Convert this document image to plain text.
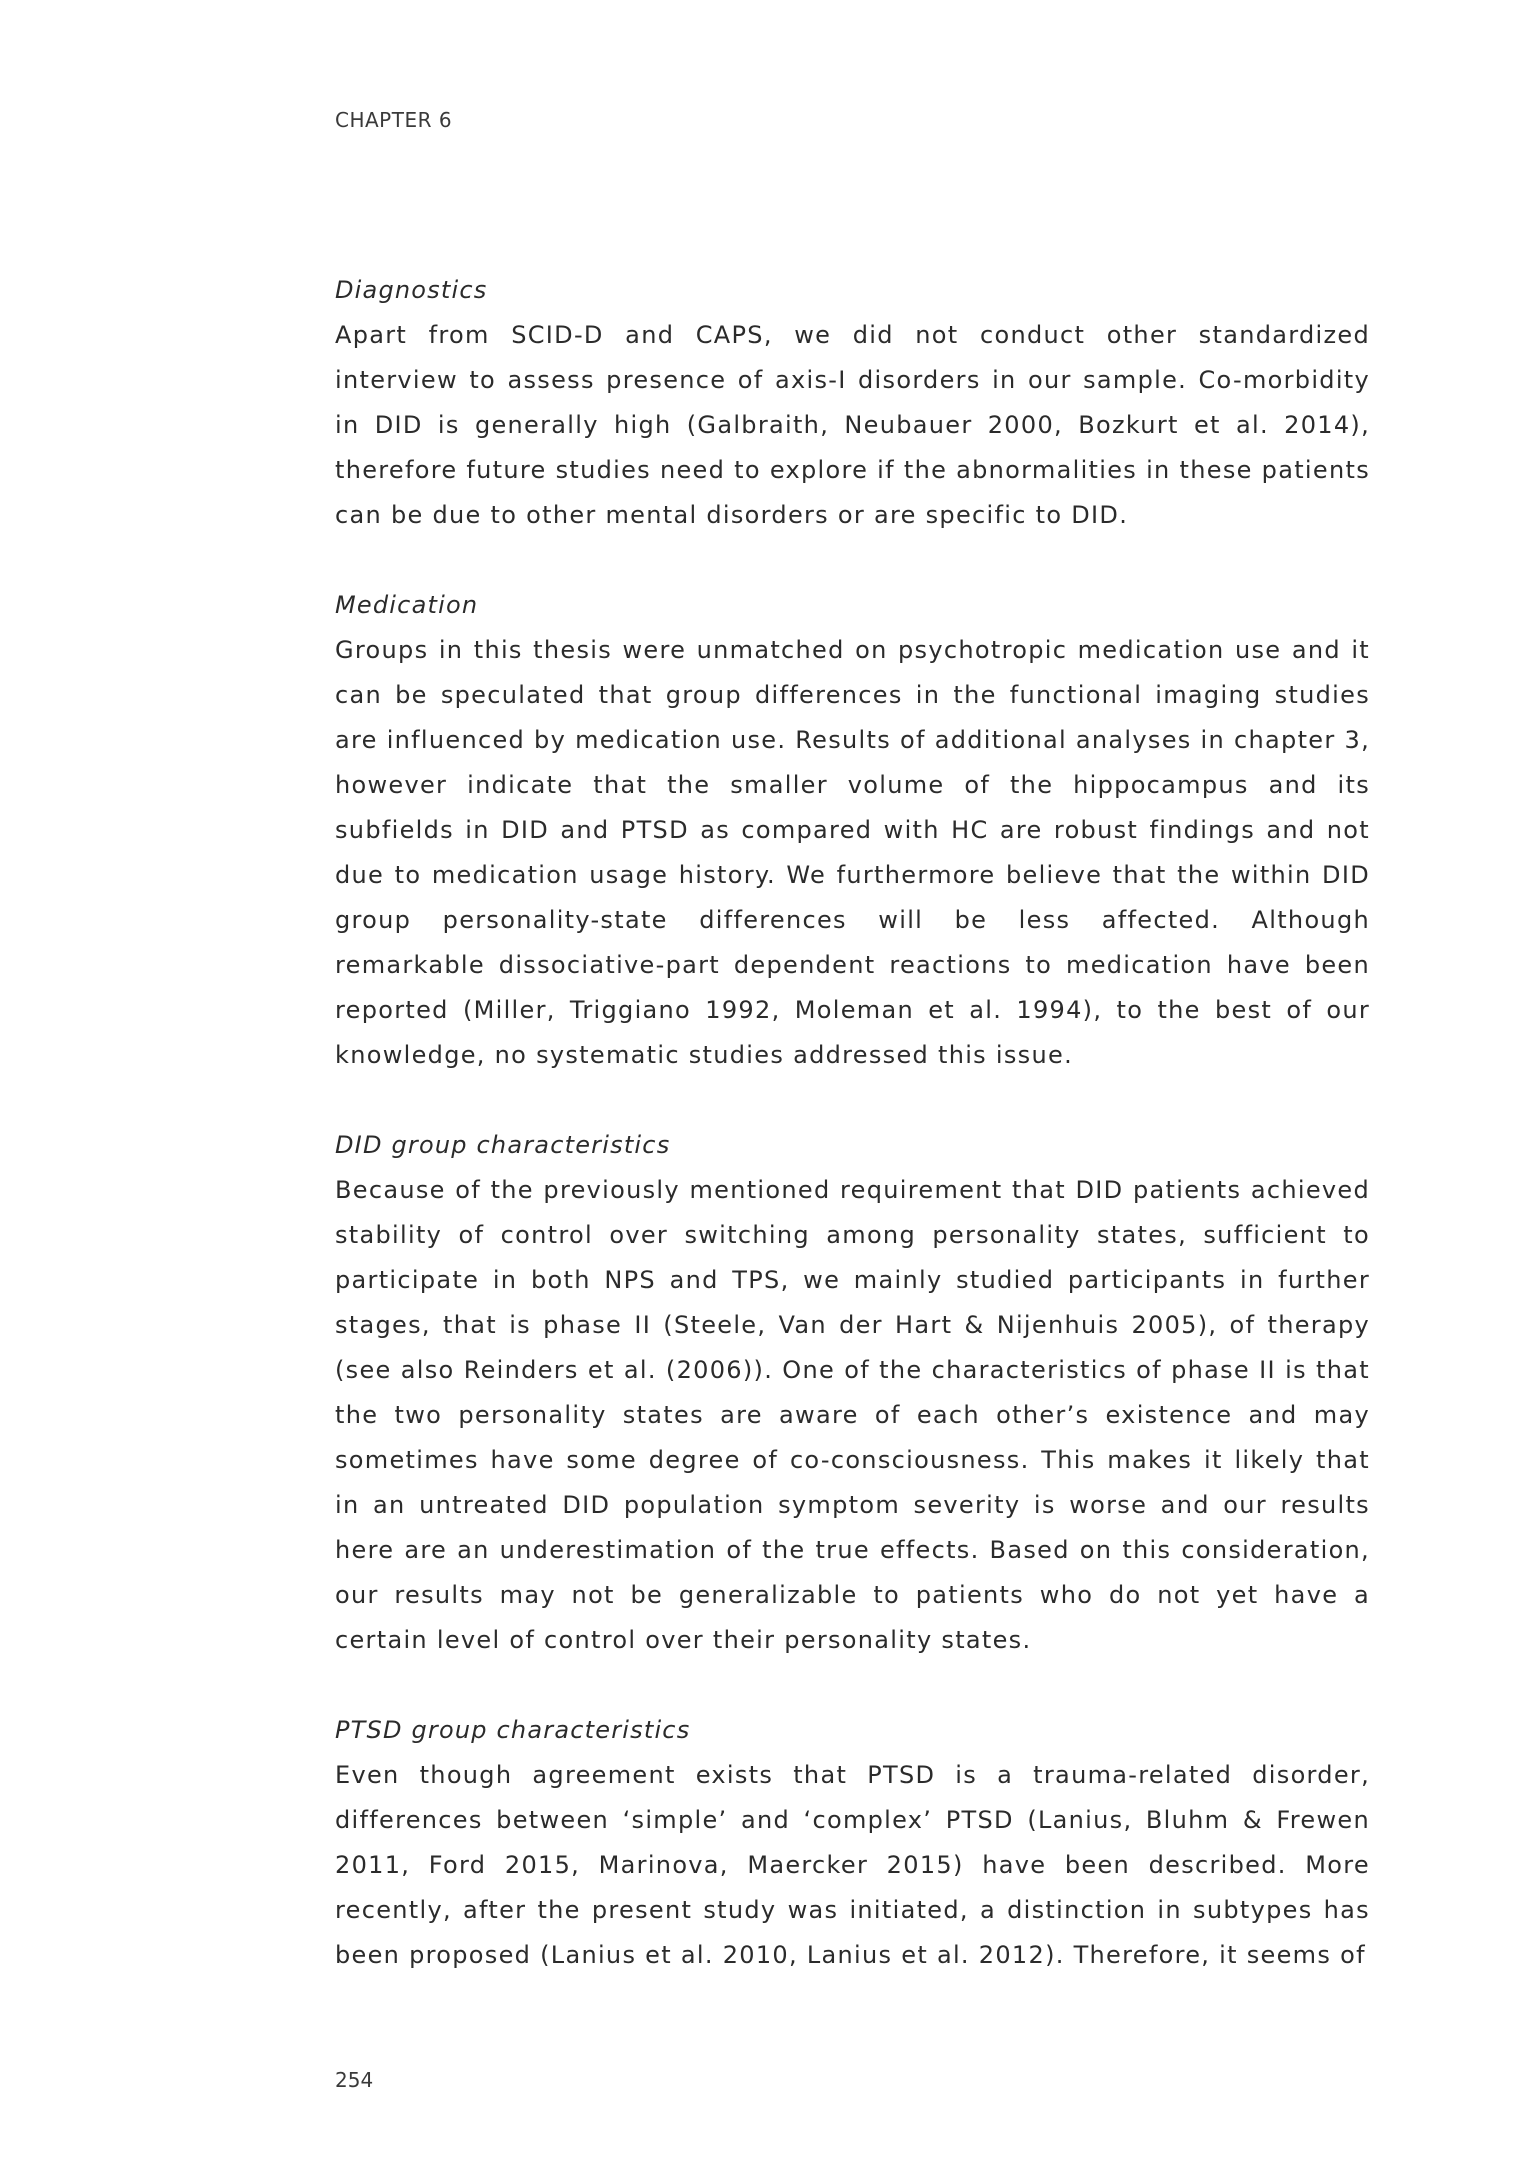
CHAPTER 6
Diagnostics

Apart from SCID-D and CAPS, we did not conduct other standardized interview to assess presence of axis-I disorders in our sample. Co-morbidity in DID is generally high (Galbraith, Neubauer 2000, Bozkurt et al. 2014), therefore future studies need to explore if the abnormalities in these patients can be due to other mental disorders or are specific to DID.

Medication

Groups in this thesis were unmatched on psychotropic medication use and it can be speculated that group differences in the functional imaging studies are influenced by medication use. Results of additional analyses in chapter 3, however indicate that the smaller volume of the hippocampus and its subfields in DID and PTSD as compared with HC are robust findings and not due to medication usage history. We furthermore believe that the within DID group personality-state differences will be less affected. Although remarkable dissociative-part dependent reactions to medication have been reported (Miller, Triggiano 1992, Moleman et al. 1994), to the best of our knowledge, no systematic studies addressed this issue.

DID group characteristics

Because of the previously mentioned requirement that DID patients achieved stability of control over switching among personality states, sufficient to participate in both NPS and TPS, we mainly studied participants in further stages, that is phase II (Steele, Van der Hart & Nijenhuis 2005), of therapy (see also Reinders et al. (2006)). One of the characteristics of phase II is that the two personality states are aware of each other’s existence and may sometimes have some degree of co-consciousness. This makes it likely that in an untreated DID population symptom severity is worse and our results here are an underestimation of the true effects. Based on this consideration, our results may not be generalizable to patients who do not yet have a certain level of control over their personality states.

PTSD group characteristics

Even though agreement exists that PTSD is a trauma-related disorder, differences between ‘simple’ and ‘complex’ PTSD (Lanius, Bluhm & Frewen 2011, Ford 2015, Marinova, Maercker 2015) have been described. More recently, after the present study was initiated, a distinction in subtypes has been proposed (Lanius et al. 2010, Lanius et al. 2012). Therefore, it seems of

254
